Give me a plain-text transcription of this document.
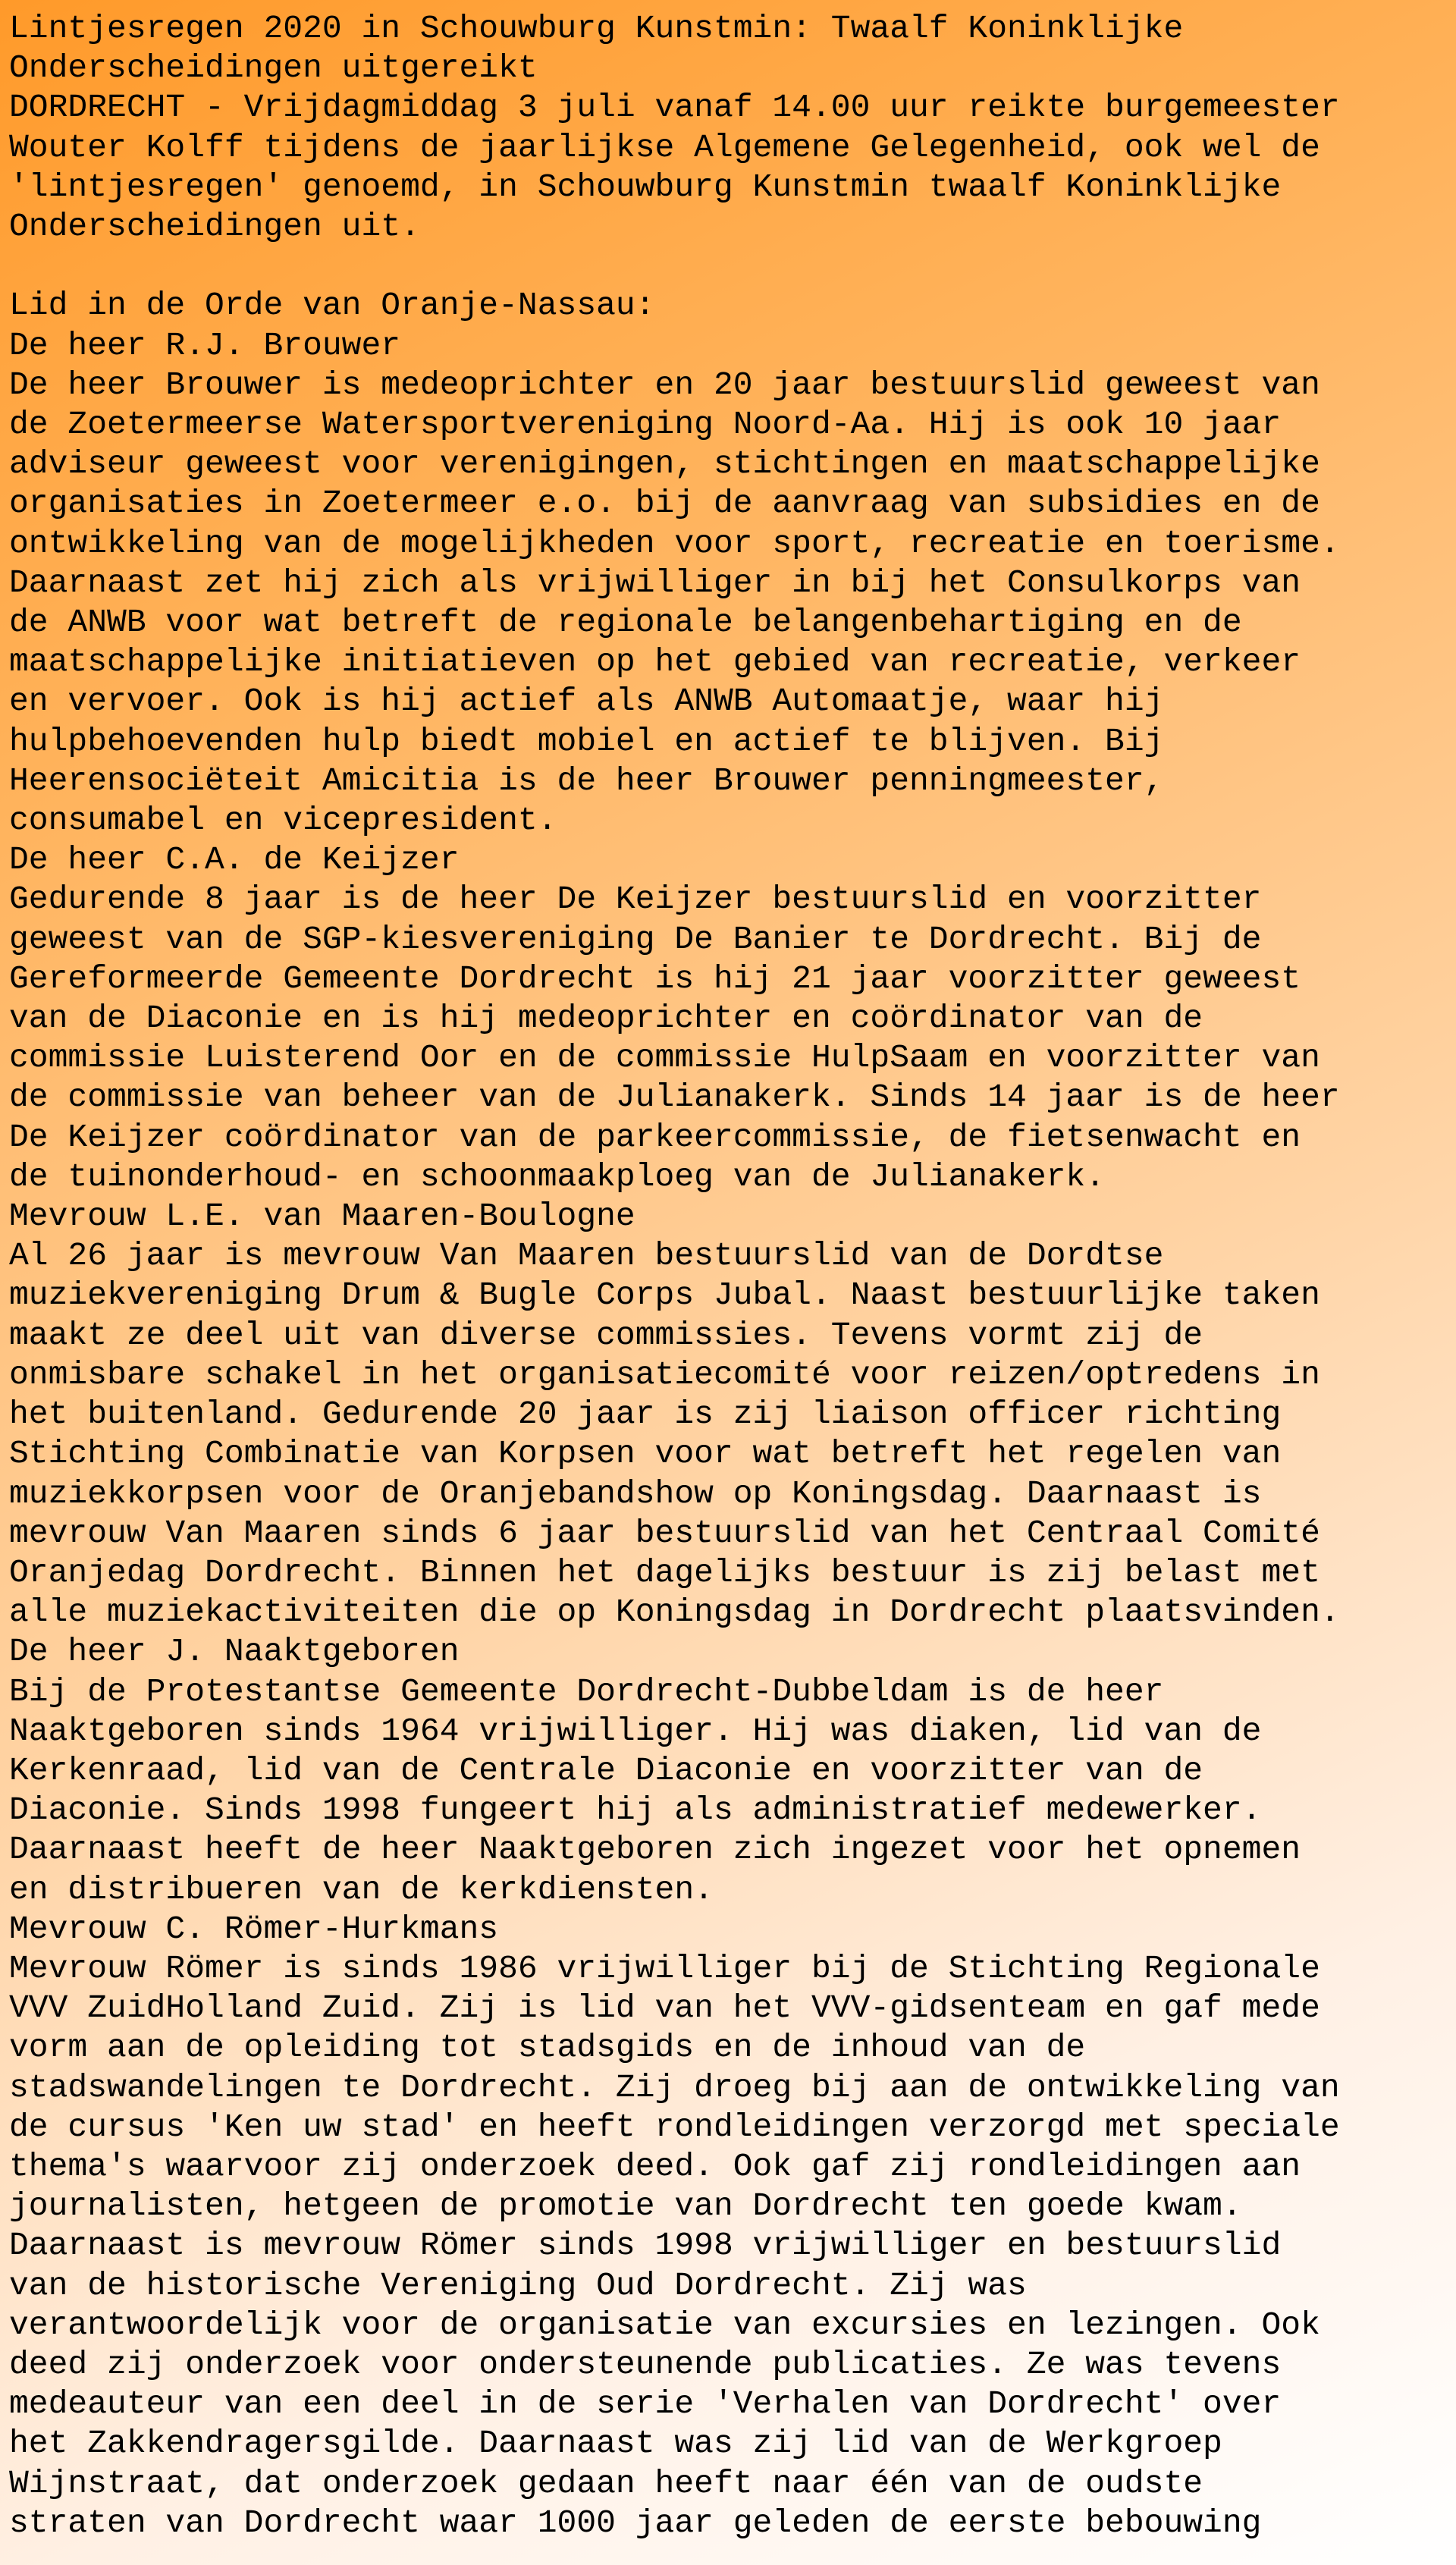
Lintjesregen 2020 in Schouwburg Kunstmin: Twaalf Koninklijke
Onderscheidingen uitgereikt
DORDRECHT - Vrijdagmiddag 3 juli vanaf 14.00 uur reikte burgemeester
Wouter Kolff tijdens de jaarlijkse Algemene Gelegenheid, ook wel de
'lintjesregen' genoemd, in Schouwburg Kunstmin twaalf Koninklijke
Onderscheidingen uit.
Lid in de Orde van Oranje-Nassau:
De heer R.J. Brouwer
De heer Brouwer is medeoprichter en 20 jaar bestuurslid geweest van
de Zoetermeerse Watersportvereniging Noord-Aa. Hij is ook 10 jaar
adviseur geweest voor verenigingen, stichtingen en maatschappelijke
organisaties in Zoetermeer e.o. bij de aanvraag van subsidies en de
ontwikkeling van de mogelijkheden voor sport, recreatie en toerisme.
Daarnaast zet hij zich als vrijwilliger in bij het Consulkorps van
de ANWB voor wat betreft de regionale belangenbehartiging en de
maatschappelijke initiatieven op het gebied van recreatie, verkeer
en vervoer. Ook is hij actief als ANWB Automaatje, waar hij
hulpbehoevenden hulp biedt mobiel en actief te blijven. Bij
Heerensociëteit Amicitia is de heer Brouwer penningmeester,
consumabel en vicepresident.
De heer C.A. de Keijzer
Gedurende 8 jaar is de heer De Keijzer bestuurslid en voorzitter
geweest van de SGP-kiesvereniging De Banier te Dordrecht. Bij de
Gereformeerde Gemeente Dordrecht is hij 21 jaar voorzitter geweest
van de Diaconie en is hij medeoprichter en coördinator van de
commissie Luisterend Oor en de commissie HulpSaam en voorzitter van
de commissie van beheer van de Julianakerk. Sinds 14 jaar is de heer
De Keijzer coördinator van de parkeercommissie, de fietsenwacht en
de tuinonderhoud- en schoonmaakploeg van de Julianakerk.
Mevrouw L.E. van Maaren-Boulogne
Al 26 jaar is mevrouw Van Maaren bestuurslid van de Dordtse
muziekvereniging Drum & Bugle Corps Jubal. Naast bestuurlijke taken
maakt ze deel uit van diverse commissies. Tevens vormt zij de
onmisbare schakel in het organisatiecomité voor reizen/optredens in
het buitenland. Gedurende 20 jaar is zij liaison officer richting
Stichting Combinatie van Korpsen voor wat betreft het regelen van
muziekkorpsen voor de Oranjebandshow op Koningsdag. Daarnaast is
mevrouw Van Maaren sinds 6 jaar bestuurslid van het Centraal Comité
Oranjedag Dordrecht. Binnen het dagelijks bestuur is zij belast met
alle muziekactiviteiten die op Koningsdag in Dordrecht plaatsvinden.
De heer J. Naaktgeboren
Bij de Protestantse Gemeente Dordrecht-Dubbeldam is de heer
Naaktgeboren sinds 1964 vrijwilliger. Hij was diaken, lid van de
Kerkenraad, lid van de Centrale Diaconie en voorzitter van de
Diaconie. Sinds 1998 fungeert hij als administratief medewerker.
Daarnaast heeft de heer Naaktgeboren zich ingezet voor het opnemen
en distribueren van de kerkdiensten.
Mevrouw C. Römer-Hurkmans
Mevrouw Römer is sinds 1986 vrijwilliger bij de Stichting Regionale
VVV ZuidHolland Zuid. Zij is lid van het VVV-gidsenteam en gaf mede
vorm aan de opleiding tot stadsgids en de inhoud van de
stadswandelingen te Dordrecht. Zij droeg bij aan de ontwikkeling van
de cursus 'Ken uw stad' en heeft rondleidingen verzorgd met speciale
thema's waarvoor zij onderzoek deed. Ook gaf zij rondleidingen aan
journalisten, hetgeen de promotie van Dordrecht ten goede kwam.
Daarnaast is mevrouw Römer sinds 1998 vrijwilliger en bestuurslid
van de historische Vereniging Oud Dordrecht. Zij was
verantwoordelijk voor de organisatie van excursies en lezingen. Ook
deed zij onderzoek voor ondersteunende publicaties. Ze was tevens
medeauteur van een deel in de serie 'Verhalen van Dordrecht' over
het Zakkendragersgilde. Daarnaast was zij lid van de Werkgroep
Wijnstraat, dat onderzoek gedaan heeft naar één van de oudste
straten van Dordrecht waar 1000 jaar geleden de eerste bebouwing
